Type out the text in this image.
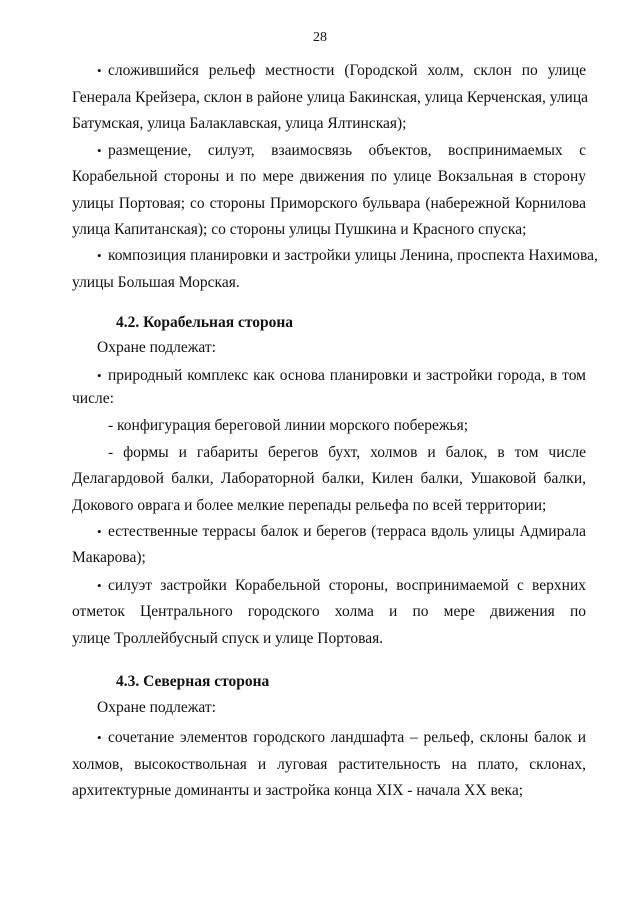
28
• сложившийся рельеф местности (Городской холм, склон по улице
Генерала Крейзера, склон в районе улица Бакинская, улица Керченская, улица
Батумская, улица Балаклавская, улица Ялтинская);
• размещение, силуэт, взаимосвязь объектов, воспринимаемых с
Корабельной стороны и по мере движения по улице Вокзальная в сторону
улицы Портовая; со стороны Приморского бульвара (набережной Корнилова
улица Капитанская); со стороны улицы Пушкина и Красного спуска;
• композиция планировки и застройки улицы Ленина, проспекта Нахимова,
улицы Большая Морская.
4.2. Корабельная сторона
Охране подлежат:
• природный комплекс как основа планировки и застройки города, в том
числе:
- конфигурация береговой линии морского побережья;
- формы и габариты берегов бухт, холмов и балок, в том числе
Делагардовой балки, Лабораторной балки, Килен балки, Ушаковой балки,
Докового оврага и более мелкие перепады рельефа по всей территории;
• естественные террасы балок и берегов (терраса вдоль улицы Адмирала
Макарова);
• силуэт застройки Корабельной стороны, воспринимаемой с верхних
отметок Центрального городского холма и по мере движения по
улице Троллейбусный спуск и улице Портовая.
4.3. Северная сторона
Охране подлежат:
• сочетание элементов городского ландшафта – рельеф, склоны балок и
холмов, высокоствольная и луговая растительность на плато, склонах,
архитектурные доминанты и застройка конца XIX - начала XX века;
